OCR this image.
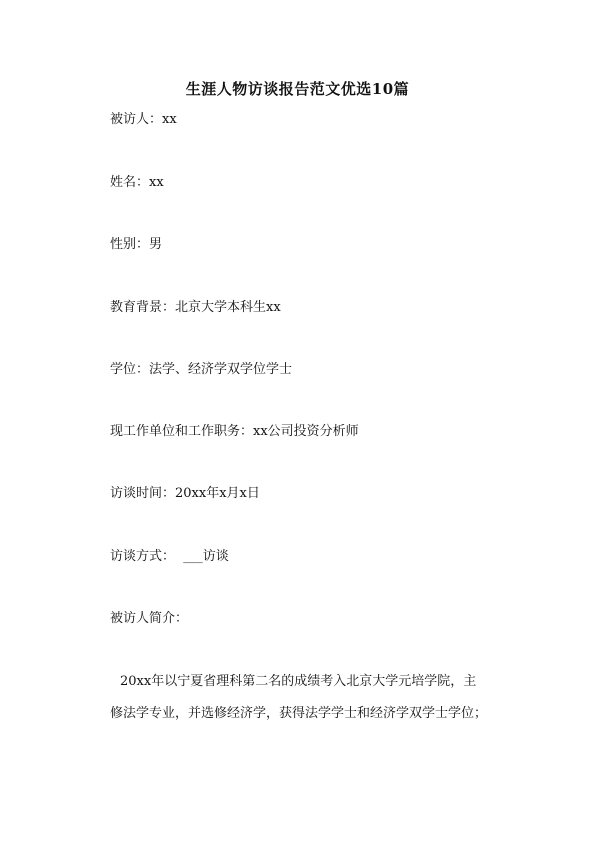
生涯人物访谈报告范文优选10篇
被访人：xx
姓名：xx
性别：男
教育背景：北京大学本科生xx
学位：法学、经济学双学位学士
现工作单位和工作职务：xx公司投资分析师
访谈时间：20xx年x月x日
访谈方式：  ___访谈
被访人简介：
20xx年以宁夏省理科第二名的成绩考入北京大学元培学院，主
修法学专业，并选修经济学，获得法学学士和经济学双学士学位；
